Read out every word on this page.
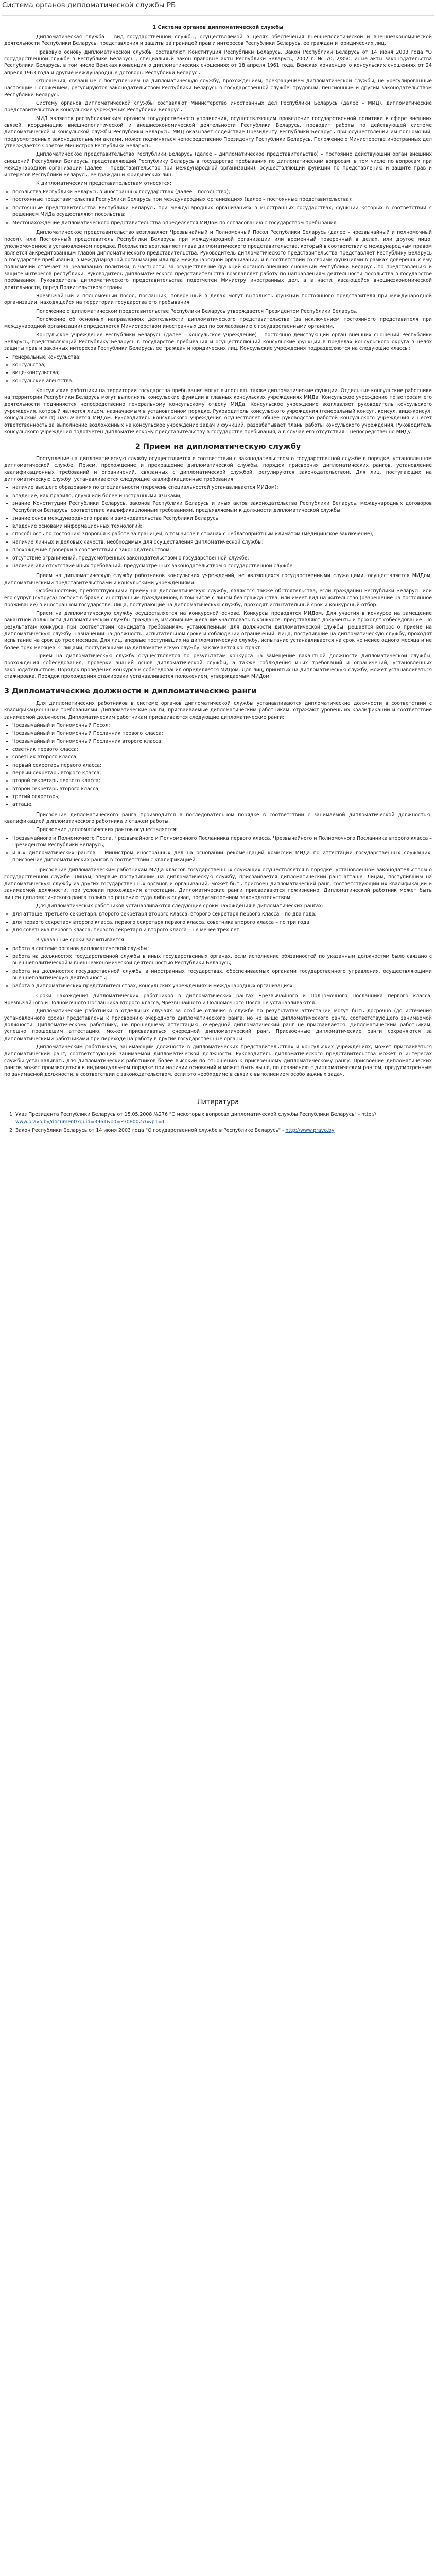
Система органов дипломатической службы РБ
1 Система органов дипломатической службы

Дипломатическая служба – вид государственной службы, осуществляемой в целях обеспечения внешнеполитической и внешнеэкономической деятельности Республики Беларусь, представления и защиты за границей прав и интересов Республики Беларусь, ее граждан и юридических лиц.

Правовую основу дипломатической службы составляют Конституция Республики Беларусь, Закон Республики Беларусь от 14 июня 2003 года "О государственной службе в Республике Беларусь", специальный закон правовые акты Республики Беларусь, 2002 г. № 70, 2/850, иные акты законодательства Республики Беларусь, в том числе Венская конвенция о дипломатических сношениях от 18 апреля 1961 года, Венская конвенция о консульских сношениях от 24 апреля 1963 года и другие международные договоры Республики Беларусь.

Отношения, связанные с поступлением на дипломатическую службу, прохождением, прекращением дипломатической службы, не урегулированные настоящим Положением, регулируются законодательством Республики Беларусь о государственной службе, трудовым, пенсионным и другим законодательством Республики Беларусь.

Систему органов дипломатической службы составляют Министерство иностранных дел Республики Беларусь (далее – МИД), дипломатические представительства и консульские учреждения Республики Беларусь.

МИД является республиканским органом государственного управления, осуществляющим проведение государственной политики в сфере внешних связей, координацию внешнеполитической и внешнеэкономической деятельности Республики Беларусь, проводит работы по действующей системе дипломатической и консульской службы Республики Беларусь. МИД оказывает содействие Президенту Республики Беларусь при осуществлении им полномочий, предусмотренных законодательными актами, может подчиняться непосредственно Президенту Республики Беларусь. Положение о Министерстве иностранных дел утверждается Советом Министров Республики Беларусь.

Дипломатическое представительство Республики Беларусь (далее – дипломатическое представительство) – постоянно действующий орган внешних сношений Республики Беларусь, представляющий Республику Беларусь в государстве пребывания по дипломатическим вопросам, в том числе по вопросам при международной организации (далее – представительство при международной организации), осуществляющий функции по представлению и защите прав и интересов Республики Беларусь, ее граждан и юридических лиц.

К дипломатическим представительствам относятся:

• посольства Республики Беларусь в иностранных государствах (далее – посольство);
• постоянные представительства Республики Беларусь при международных организациях (далее – постоянные представительства);
• постоянные представительства Республики Беларусь при международных организациях в иностранных государствах, функции которых в соответствии с решением МИДа осуществляют посольства;
• Местонахождение дипломатического представительства определяется МИДом по согласованию с государством пребывания.

Дипломатическое представительство возглавляет Чрезвычайный и Полномочный Посол Республики Беларусь (далее – чрезвычайный и полномочный посол), или Постоянный представитель Республики Беларусь при международной организации или временный поверенный в делах, или другое лицо, уполномоченное в установленном порядке. Посольство возглавляет глава дипломатического представительства, который в соответствии с международным правом является аккредитованным главой дипломатического представительства. Руководитель дипломатического представительства представляет Республику Беларусь в государстве пребывания, в международной организации или при международной организации, и в соответствии со своими функциями в рамках доверенных ему полномочий отвечает за реализацию политики, в частности, за осуществление функций органов внешних сношений Республики Беларусь по представлению и защите интересов республики. Руководитель дипломатического представительства возглавляет работу по направлениям деятельности посольства в государстве пребывания. Руководитель дипломатического представительства подотчетен Министру иностранных дел, а в части, касающейся внешнеэкономической деятельности, перед Правительством страны.

Чрезвычайный и полномочный посол, посланник, поверенный в делах могут выполнять функции постоянного представителя при международной организации, находящейся на территории государства его пребывания.

Положение о дипломатическом представительстве Республики Беларусь утверждается Президентом Республики Беларусь.

Положение об основных направлениях деятельности дипломатического представительства (за исключением постоянного представителя при международной организации) определяется Министерством иностранных дел по согласованию с государственными органами.

Консульское учреждение Республики Беларусь (далее – консульское учреждение) – постоянно действующий орган внешних сношений Республики Беларусь, представляющий Республику Беларусь в государстве пребывания и осуществляющий консульские функции в пределах консульского округа в целях защиты прав и законных интересов Республики Беларусь, ее граждан и юридических лиц. Консульские учреждения подразделяются на следующие классы:

• генеральные консульства;
• консульства;
• вице-консульства;
• консульские агентства.

Консульские работники на территории государства пребывания могут выполнять также дипломатические функции. Отдельные консульские работники на территории Республики Беларусь могут выполнять консульские функции в главных консульских учреждениях МИДа. Консульское учреждение по вопросам его деятельности подчиняется непосредственно генеральному консульскому отделу МИДа. Консульское учреждение возглавляет руководитель консульского учреждения, который является лицом, назначаемым в установленном порядке. Руководитель консульского учреждения (генеральный консул, консул, вице-консул, консульский агент) назначается МИДом. Руководитель консульского учреждения осуществляет общее руководство работой консульского учреждения и несет ответственность за выполнение возложенных на консульское учреждение задач и функций, разрабатывает планы работы консульского учреждения. Руководитель консульского учреждения подотчетен дипломатическому представительству в государстве пребывания, а в случае его отсутствия – непосредственно МИДу.

2 Прием на дипломатическую службу

Поступление на дипломатическую службу осуществляется в соответствии с законодательством о государственной службе в порядке, установленном дипломатической службе. Прием, прохождение и прекращение дипломатической службы, порядок присвоения дипломатических рангов, установление квалификационных требований и ограничений, связанных с дипломатической службой, регулируются законодательством. Для лиц, поступающих на дипломатическую службу, устанавливаются следующие квалификационные требования:

• наличие высшего образования по специальности (перечень специальностей устанавливается МИДом);
• владение, как правило, двумя или более иностранными языками;
• знание Конституции Республики Беларусь, законов Республики Беларусь и иных актов законодательства Республики Беларусь, международных договоров Республики Беларусь, соответствие квалификационным требованиям, предъявляемым к должности дипломатической службы;
• знание основ международного права и законодательства Республики Беларусь;
• владение основами информационных технологий;
• способность по состоянию здоровья к работе за границей, в том числе в странах с неблагоприятным климатом (медицинское заключение);
• наличие личных и деловых качеств, необходимых для осуществления дипломатической службы;
• прохождение проверки в соответствии с законодательством;
• отсутствие ограничений, предусмотренных законодательством о государственной службе;
• наличие или отсутствие иных требований, предусмотренных законодательством о государственной службе.

Прием на дипломатическую службу работников консульских учреждений, не являющихся государственными служащими, осуществляется МИДом, дипломатическими представительствами и консульскими учреждениями.

Особенностями, препятствующими приему на дипломатическую службу, являются также обстоятельства, если гражданин Республики Беларусь или его супруг (супруга) состоит в браке с иностранным гражданином, в том числе с лицом без гражданства, или имеет вид на жительство (разрешение на постоянное проживание) в иностранном государстве. Лица, поступающие на дипломатическую службу, проходят испытательный срок и конкурсный отбор.

Прием на дипломатическую службу осуществляется на конкурсной основе. Конкурсы проводятся МИДом. Для участия в конкурсе на замещение вакантной должности дипломатической службы граждане, изъявившие желание участвовать в конкурсе, представляют документы и проходят собеседование. По результатам конкурса при соответствии кандидата требованиям, установленным для должности дипломатической службы, решается вопрос о приеме на дипломатическую службу, назначении на должность, испытательном сроке и соблюдении ограничений. Лица, поступившие на дипломатическую службу, проходят испытание на срок до трех месяцев. Для лиц, впервые поступивших на дипломатическую службу, испытание устанавливается на срок не менее одного месяца и не более трех месяцев. С лицами, поступившими на дипломатическую службу, заключается контракт.

Прием на дипломатическую службу осуществляется по результатам конкурса на замещение вакантной должности дипломатической службы, прохождения собеседования, проверки знаний основ дипломатической службы, а также соблюдения иных требований и ограничений, установленных законодательством. Порядок проведения конкурса и собеседования определяется МИДом. Для лиц, принятых на дипломатическую службу, может устанавливаться стажировка. Порядок прохождения стажировки устанавливается положением, утверждаемым МИДом.

3 Дипломатические должности и дипломатические ранги

Для дипломатических работников в системе органов дипломатической службы устанавливаются дипломатические должности в соответствии с квалификационными требованиями. Дипломатические ранги, присваиваемые дипломатическим работникам, отражают уровень их квалификации и соответствие занимаемой должности. Дипломатическим работникам присваиваются следующие дипломатические ранги:

• Чрезвычайный и Полномочный Посол;
• Чрезвычайный и Полномочный Посланник первого класса;
• Чрезвычайный и Полномочный Посланник второго класса;
• советник первого класса;
• советник второго класса;
• первый секретарь первого класса;
• первый секретарь второго класса;
• второй секретарь первого класса;
• второй секретарь второго класса;
• третий секретарь;
• атташе.

Присвоение дипломатического ранга производится в последовательном порядке в соответствии с занимаемой дипломатической должностью, квалификацией дипломатического работника и стажем работы.

Присвоение дипломатических рангов осуществляется:

• Чрезвычайного и Полномочного Посла, Чрезвычайного и Полномочного Посланника первого класса, Чрезвычайного и Полномочного Посланника второго класса – Президентом Республики Беларусь;
• иных дипломатических рангов – Министром иностранных дел на основании рекомендаций комиссии МИДа по аттестации государственных служащих, присвоение дипломатических рангов в соответствии с квалификацией.

Присвоение дипломатическим работникам МИДа классов государственных служащих осуществляется в порядке, установленном законодательством о государственной службе. Лицам, впервые поступившим на дипломатическую службу, присваивается дипломатический ранг атташе. Лицам, поступившим на дипломатическую службу из других государственных органов и организаций, может быть присвоен дипломатический ранг, соответствующий их квалификации и занимаемой должности, при условии прохождения аттестации. Дипломатические ранги присваиваются пожизненно. Дипломатический работник может быть лишен дипломатического ранга только по решению суда либо в случае, предусмотренном законодательством.

Для дипломатических работников устанавливаются следующие сроки нахождения в дипломатических рангах:

• для атташе, третьего секретаря, второго секретаря второго класса, второго секретаря первого класса – по два года;
• для первого секретаря второго класса, первого секретаря первого класса, советника второго класса – по три года;
• для советника первого класса, первого секретаря и второго класса – не менее трех лет.

В указанные сроки засчитывается:

• работа в системе органов дипломатической службы;
• работа на должностях государственной службы в иных государственных органах, если исполнение обязанностей по указанным должностям было связано с внешнеполитической и внешнеэкономической деятельностью Республики Беларусь;
• работа на должностях государственной службы в иностранных государствах, обеспечиваемых органами государственного управления, осуществляющими внешнеполитическую деятельность;
• работа в дипломатических представительствах, консульских учреждениях и международных организациях.

Сроки нахождения дипломатических работников в дипломатических рангах Чрезвычайного и Полномочного Посланника первого класса, Чрезвычайного и Полномочного Посланника второго класса, Чрезвычайного и Полномочного Посла не устанавливаются.

Дипломатические работники в отдельных случаях за особые отличия в службе по результатам аттестации могут быть досрочно (до истечения установленного срока) представлены к присвоению очередного дипломатического ранга, но не выше дипломатического ранга, соответствующего занимаемой должности. Дипломатическому работнику, не прошедшему аттестацию, очередной дипломатический ранг не присваивается. Дипломатическим работникам, успешно прошедшим аттестацию, может присваиваться очередной дипломатический ранг. Присвоенные дипломатические ранги сохраняются за дипломатическими работниками при переходе на работу в другие государственные органы.

Дипломатическим работникам, занимающим должности в дипломатических представительствах и консульских учреждениях, может присваиваться дипломатический ранг, соответствующий занимаемой дипломатической должности. Руководитель дипломатического представительства может в интересах службы устанавливать для дипломатических работников более высокий по отношению к присвоенному дипломатическому рангу. Присвоение дипломатических рангов может производиться в индивидуальном порядке при наличии оснований и может быть выше, по сравнению с дипломатическим рангом, предусмотренным по занимаемой должности, в соответствии с законодательством, если это необходимо в связи с выполнением особо важных задач.

Литература
1. Указ Президента Республики Беларусь от 15.05.2008 №276 "О некоторых вопросах дипломатической службы Республики Беларусь" - http:// www.pravo.by/document/?guid=3961&p0=P30800276&p1=1
2. Закон Республики Беларусь от 14 июня 2003 года "О государственной службе в Республике Беларусь" - http://www.pravo.by
